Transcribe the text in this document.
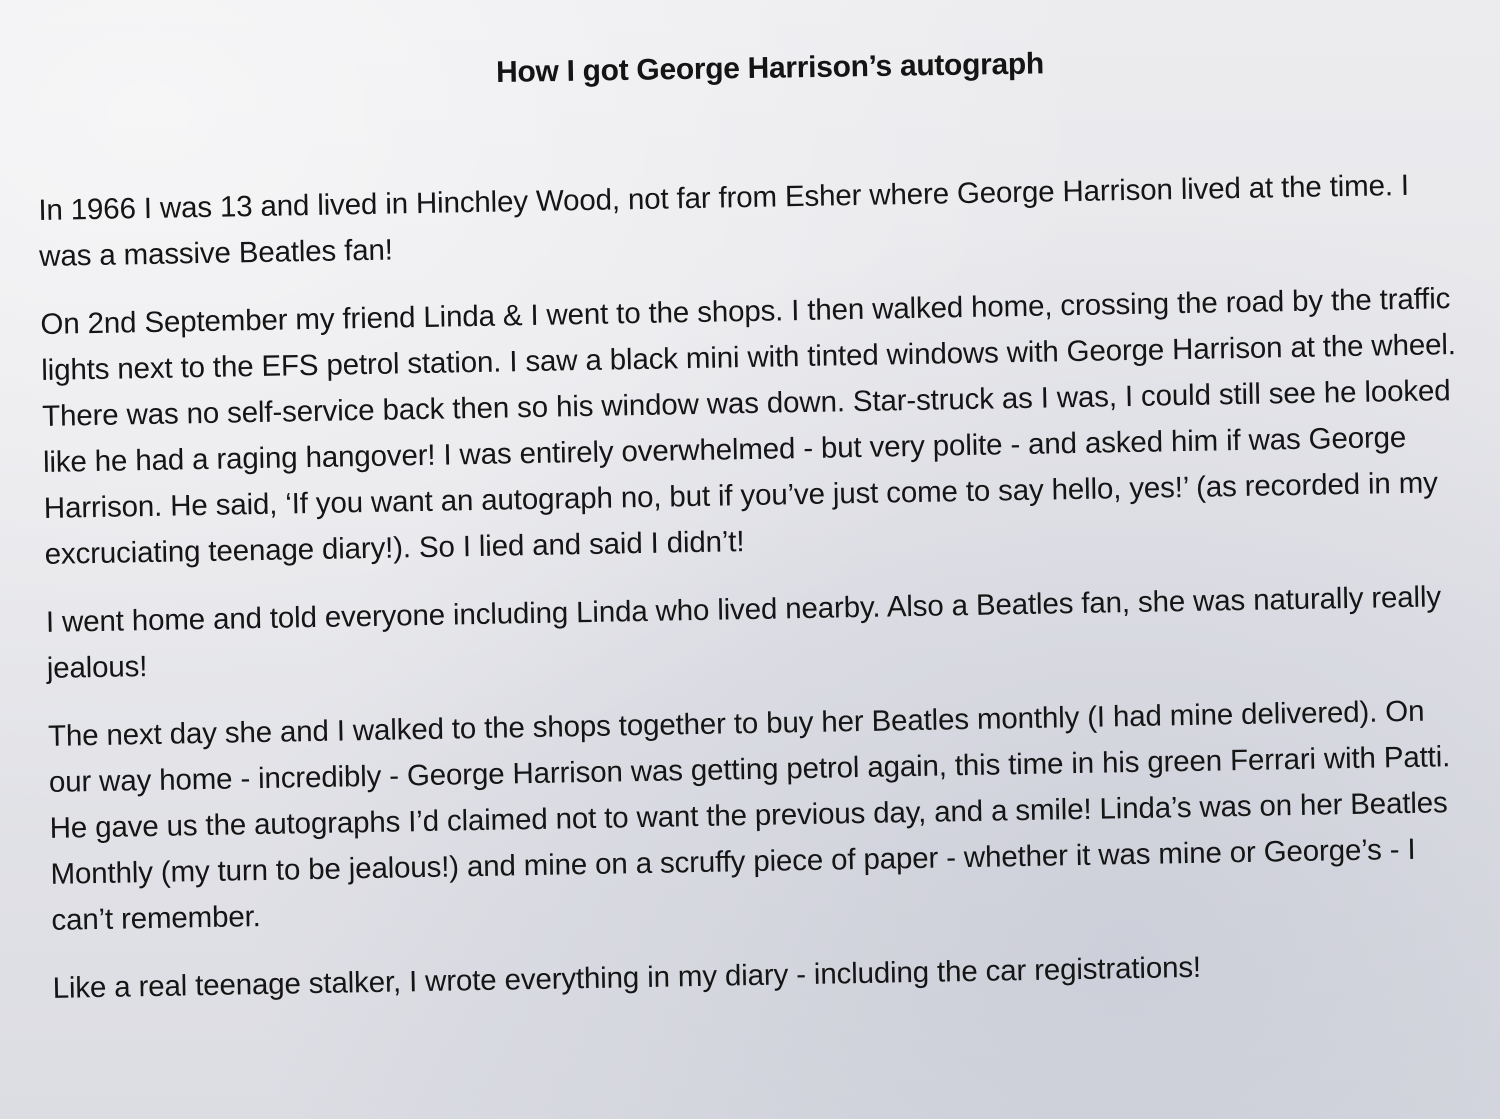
How I got George Harrison’s autograph

In 1966 I was 13 and lived in Hinchley Wood, not far from Esher where George Harrison lived at the time. I was a massive Beatles fan!

On 2nd September my friend Linda & I went to the shops. I then walked home, crossing the road by the traffic lights next to the EFS petrol station. I saw a black mini with tinted windows with George Harrison at the wheel. There was no self-service back then so his window was down. Star-struck as I was, I could still see he looked like he had a raging hangover! I was entirely overwhelmed - but very polite - and asked him if was George Harrison. He said, ‘If you want an autograph no, but if you’ve just come to say hello, yes!’ (as recorded in my excruciating teenage diary!). So I lied and said I didn’t!

I went home and told everyone including Linda who lived nearby. Also a Beatles fan, she was naturally really jealous!

The next day she and I walked to the shops together to buy her Beatles monthly (I had mine delivered). On our way home - incredibly - George Harrison was getting petrol again, this time in his green Ferrari with Patti. He gave us the autographs I’d claimed not to want the previous day, and a smile! Linda’s was on her Beatles Monthly (my turn to be jealous!) and mine on a scruffy piece of paper - whether it was mine or George’s - I can’t remember.

Like a real teenage stalker, I wrote everything in my diary - including the car registrations!
